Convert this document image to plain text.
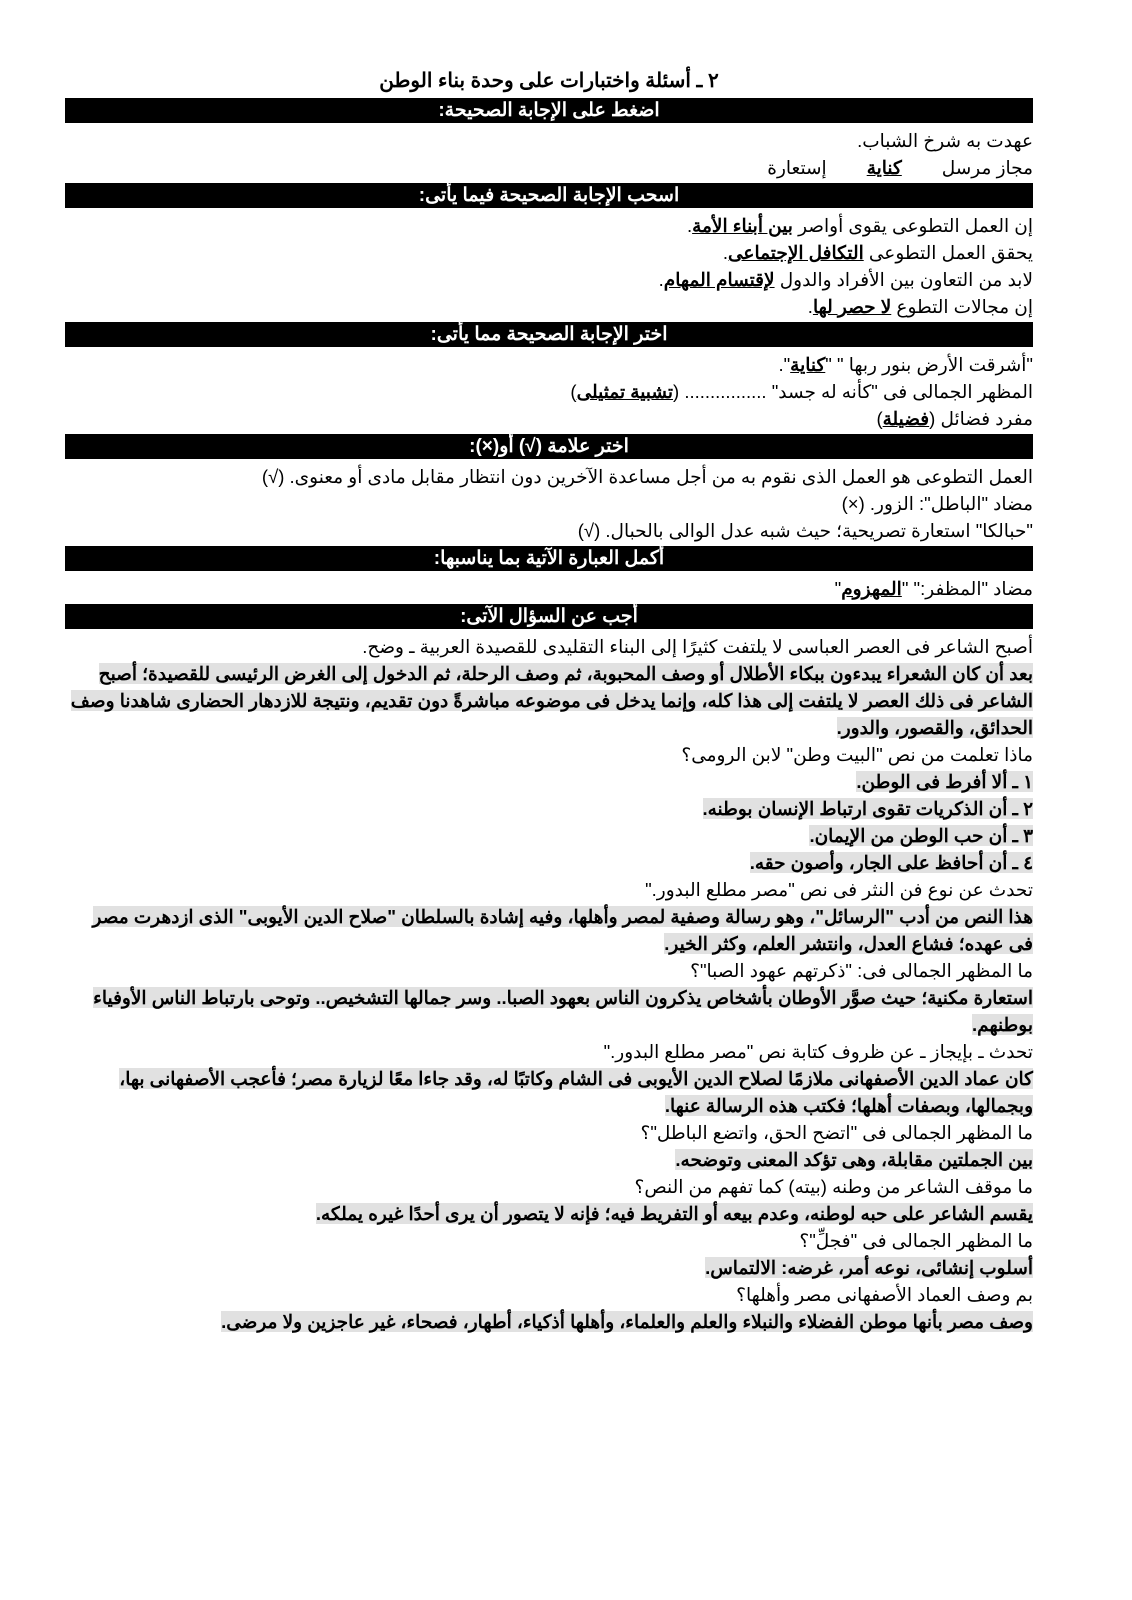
٢ ـ أسئلة واختبارات على وحدة بناء الوطن
اضغط على الإجابة الصحيحة:
عهدت به شرخ الشباب.
مجاز مرسلكنايةإستعارة
اسحب الإجابة الصحيحة فيما يأتى:
إن العمل التطوعى يقوى أواصر بين أبناء الأمة.
يحقق العمل التطوعى التكافل الإجتماعى.
لابد من التعاون بين الأفراد والدول لإقتسام المهام.
إن مجالات التطوع لا حصر لها.
اختر الإجابة الصحيحة مما يأتى:
"أشرقت الأرض بنور ربها " "كناية".
المظهر الجمالى فى "كأنه له جسد" ................ (تشبية تمثيلى)
مفرد فضائل (فضيلة)
اختر علامة (√) أو(×):
العمل التطوعى هو العمل الذى نقوم به من أجل مساعدة الآخرين دون انتظار مقابل مادى أو معنوى. (√)
مضاد "الباطل": الزور. (×)
"حبالكا" استعارة تصريحية؛ حيث شبه عدل الوالى بالحبال. (√)
أكمل العبارة الآتية بما يناسبها:
مضاد "المظفر:" "المهزوم"
أجب عن السؤال الآتى:
أصبح الشاعر فى العصر العباسى لا يلتفت كثيرًا إلى البناء التقليدى للقصيدة العربية ـ وضح.
بعد أن كان الشعراء يبدءون ببكاء الأطلال أو وصف المحبوبة، ثم وصف الرحلة، ثم الدخول إلى الغرض الرئيسى للقصيدة؛ أصبح الشاعر فى ذلك العصر لا يلتفت إلى هذا كله، وإنما يدخل فى موضوعه مباشرةً دون تقديم، ونتيجة للازدهار الحضارى شاهدنا وصف الحدائق، والقصور، والدور.
ماذا تعلمت من نص "البيت وطن" لابن الرومى؟
١ ـ ألا أفرط فى الوطن.
٢ ـ أن الذكريات تقوى ارتباط الإنسان بوطنه.
٣ ـ أن حب الوطن من الإيمان.
٤ ـ أن أحافظ على الجار، وأصون حقه.
تحدث عن نوع فن النثر فى نص "مصر مطلع البدور."
هذا النص من أدب "الرسائل"، وهو رسالة وصفية لمصر وأهلها، وفيه إشادة بالسلطان "صلاح الدين الأيوبى" الذى ازدهرت مصر فى عهده؛ فشاع العدل، وانتشر العلم، وكثر الخير.
ما المظهر الجمالى فى: "ذكرتهم عهود الصبا"؟
استعارة مكنية؛ حيث صوَّر الأوطان بأشخاص يذكرون الناس بعهود الصبا.. وسر جمالها التشخيص.. وتوحى بارتباط الناس الأوفياء بوطنهم.
تحدث ـ بإيجاز ـ عن ظروف كتابة نص "مصر مطلع البدور."
كان عماد الدين الأصفهانى ملازمًا لصلاح الدين الأيوبى فى الشام وكاتبًا له، وقد جاءا معًا لزيارة مصر؛ فأعجب الأصفهانى بها، وبجمالها، وبصفات أهلها؛ فكتب هذه الرسالة عنها.
ما المظهر الجمالى فى "اتضح الحق، واتضع الباطل"؟
بين الجملتين مقابلة، وهى تؤكد المعنى وتوضحه.
ما موقف الشاعر من وطنه (بيته) كما تفهم من النص؟
يقسم الشاعر على حبه لوطنه، وعدم بيعه أو التفريط فيه؛ فإنه لا يتصور أن يرى أحدًا غيره يملكه.
ما المظهر الجمالى فى "فجلِّ"؟
أسلوب إنشائى، نوعه أمر، غرضه: الالتماس.
بم وصف العماد الأصفهانى مصر وأهلها؟
وصف مصر بأنها موطن الفضلاء والنبلاء والعلم والعلماء، وأهلها أذكياء، أطهار، فصحاء، غير عاجزين ولا مرضى.
